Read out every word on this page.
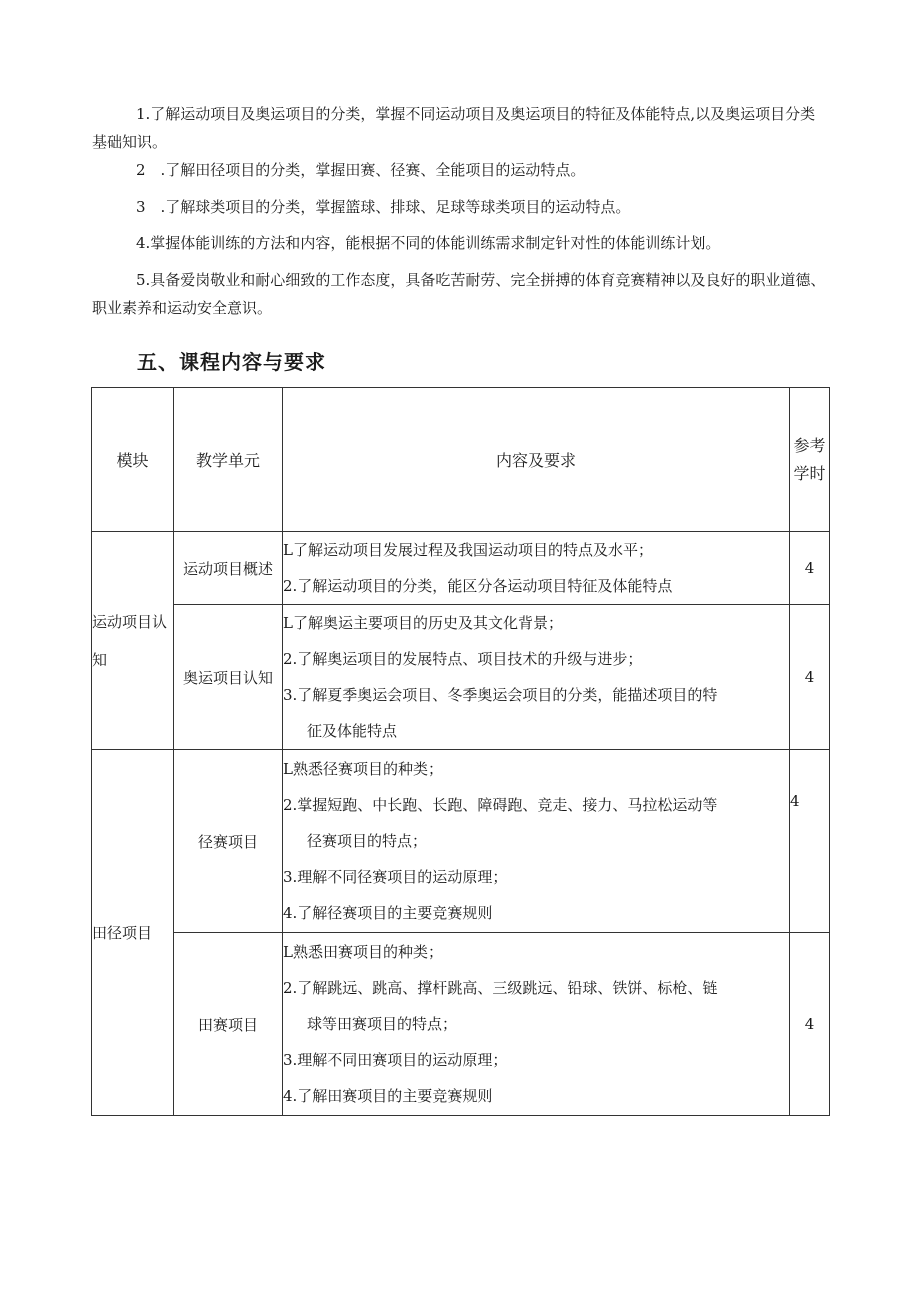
1.了解运动项目及奥运项目的分类，掌握不同运动项目及奥运项目的特征及体能特点,以及奥运项目分类基础知识。

2　.了解田径项目的分类，掌握田赛、径赛、全能项目的运动特点。

3　.了解球类项目的分类，掌握篮球、排球、足球等球类项目的运动特点。

4.掌握体能训练的方法和内容，能根据不同的体能训练需求制定针对性的体能训练计划。

5.具备爱岗敬业和耐心细致的工作态度，具备吃苦耐劳、完全拼搏的体育竞赛精神以及良好的职业道德、职业素养和运动安全意识。

五、课程内容与要求
模块	教学单元	内容及要求	参考学时
运动项目认知	运动项目概述	L了解运动项目发展过程及我国运动项目的特点及水平；
2.了解运动项目的分类，能区分各运动项目特征及体能特点	4
	奥运项目认知	L了解奥运主要项目的历史及其文化背景；
2.了解奥运项目的发展特点、项目技术的升级与进步；
3.了解夏季奥运会项目、冬季奥运会项目的分类，能描述项目的特
征及体能特点	4
田径项目	径赛项目	L熟悉径赛项目的种类；
2.掌握短跑、中长跑、长跑、障碍跑、竞走、接力、马拉松运动等
径赛项目的特点；
3.理解不同径赛项目的运动原理；
4.了解径赛项目的主要竞赛规则	4
	田赛项目	L熟悉田赛项目的种类；
2.了解跳远、跳高、撑杆跳高、三级跳远、铅球、铁饼、标枪、链
球等田赛项目的特点；
3.理解不同田赛项目的运动原理；
4.了解田赛项目的主要竞赛规则	4
